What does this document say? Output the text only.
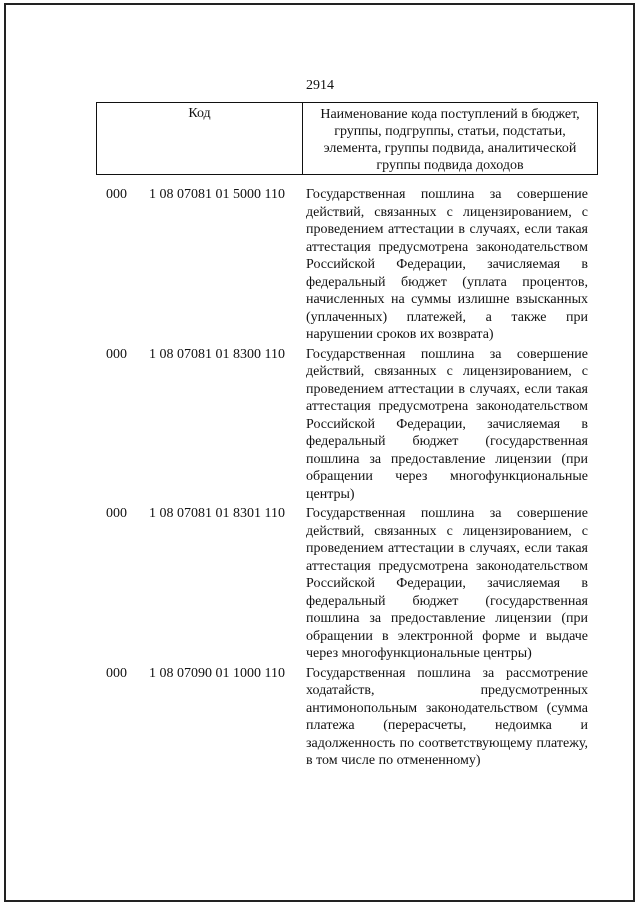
2914
Код	Наименование кода поступлений в бюджет, группы, подгруппы, статьи, подстатьи, элемента, группы подвида, аналитической группы подвида доходов
000 1 08 07081 01 5000 110 Государственная пошлина за совершение действий, связанных с лицензированием, с проведением аттестации в случаях, если такая аттестация предусмотрена законодательством Российской Федерации, зачисляемая в федеральный бюджет (уплата процентов, начисленных на суммы излишне взысканных (уплаченных) платежей, а также при нарушении сроков их возврата)
000 1 08 07081 01 8300 110 Государственная пошлина за совершение действий, связанных с лицензированием, с проведением аттестации в случаях, если такая аттестация предусмотрена законодательством Российской Федерации, зачисляемая в федеральный бюджет (государственная пошлина за предоставление лицензии (при обращении через многофункциональные центры)
000 1 08 07081 01 8301 110 Государственная пошлина за совершение действий, связанных с лицензированием, с проведением аттестации в случаях, если такая аттестация предусмотрена законодательством Российской Федерации, зачисляемая в федеральный бюджет (государственная пошлина за предоставление лицензии (при обращении в электронной форме и выдаче через многофункциональные центры)
000 1 08 07090 01 1000 110 Государственная пошлина за рассмотрение ходатайств, предусмотренных антимонопольным законодательством (сумма платежа (перерасчеты, недоимка и задолженность по соответствующему платежу, в том числе по отмененному)
